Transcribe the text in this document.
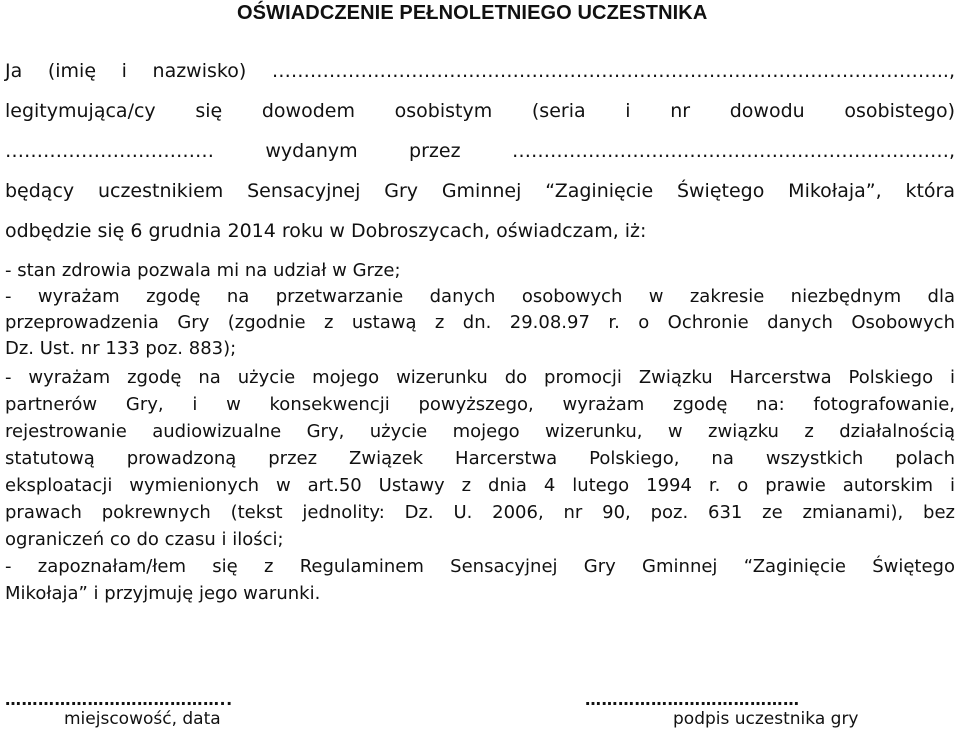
OŚWIADCZENIE PEŁNOLETNIEGO UCZESTNIKA
Ja (imię i nazwisko) ……………………………………………………………………………………………..,
legitymująca/cy się dowodem osobistym (seria i nr dowodu osobistego)
…………………………… wydanym przez ……………………………………………………………,
będący uczestnikiem Sensacyjnej Gry Gminnej “Zaginięcie Świętego Mikołaja”, która
odbędzie się 6 grudnia 2014 roku w Dobroszycach, oświadczam, iż:
- stan zdrowia pozwala mi na udział w Grze;
- wyrażam zgodę na przetwarzanie danych osobowych w zakresie niezbędnym dla
przeprowadzenia Gry (zgodnie z ustawą z dn. 29.08.97 r. o Ochronie danych Osobowych
Dz. Ust. nr 133 poz. 883);
- wyrażam zgodę na użycie mojego wizerunku do promocji Związku Harcerstwa Polskiego i
partnerów Gry, i w konsekwencji powyższego, wyrażam zgodę na: fotografowanie,
rejestrowanie audiowizualne Gry, użycie mojego wizerunku, w związku z działalnością
statutową prowadzoną przez Związek Harcerstwa Polskiego, na wszystkich polach
eksploatacji wymienionych w art.50 Ustawy z dnia 4 lutego 1994 r. o prawie autorskim i
prawach pokrewnych (tekst jednolity: Dz. U. 2006, nr 90, poz. 631 ze zmianami), bez
ograniczeń co do czasu i ilości;
- zapoznałam/łem się z Regulaminem Sensacyjnej Gry Gminnej “Zaginięcie Świętego
Mikołaja” i przyjmuję jego warunki.
…………………………………..
miejscowość, data
…………………………………
podpis uczestnika gry
